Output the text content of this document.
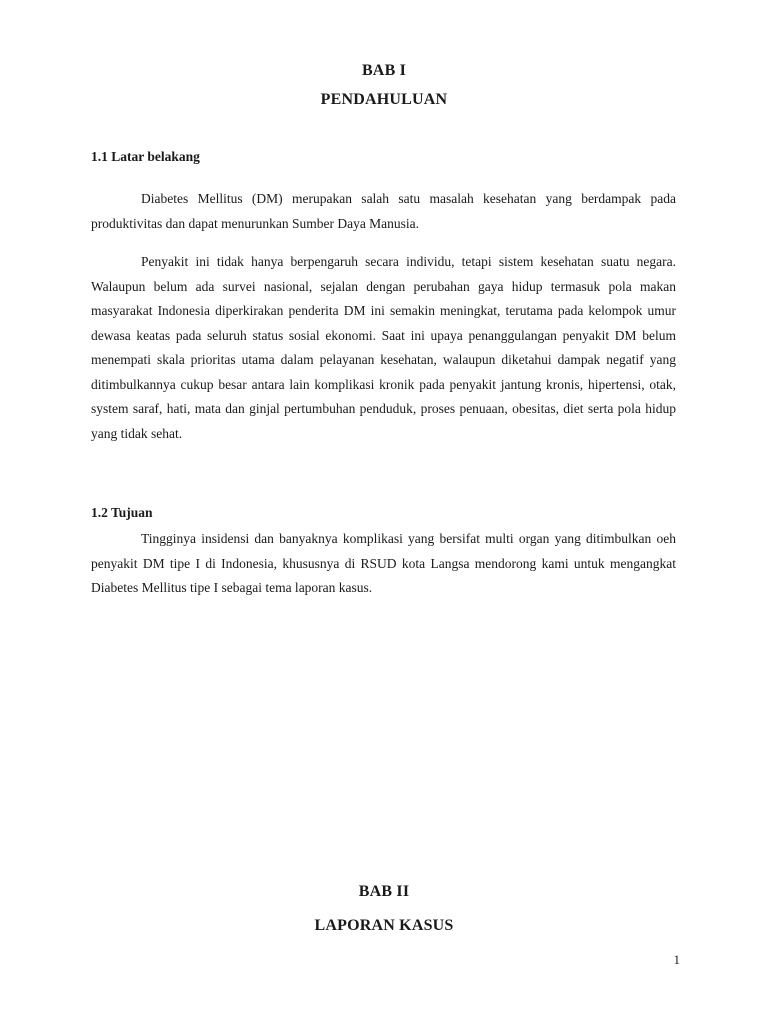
BAB I
PENDAHULUAN
1.1 Latar belakang

Diabetes Mellitus (DM) merupakan salah satu masalah kesehatan yang berdampak pada produktivitas dan dapat menurunkan Sumber Daya Manusia.

Penyakit ini tidak hanya berpengaruh secara individu, tetapi sistem kesehatan suatu negara. Walaupun belum ada survei nasional, sejalan dengan perubahan gaya hidup termasuk pola makan masyarakat Indonesia diperkirakan penderita DM ini semakin meningkat, terutama pada kelompok umur dewasa keatas pada seluruh status sosial ekonomi. Saat ini upaya penanggulangan penyakit DM belum menempati skala prioritas utama dalam pelayanan kesehatan, walaupun diketahui dampak negatif yang ditimbulkannya cukup besar antara lain komplikasi kronik pada penyakit jantung kronis, hipertensi, otak, system saraf, hati, mata dan ginjal pertumbuhan penduduk, proses penuaan, obesitas, diet serta pola hidup yang tidak sehat.

1.2 Tujuan

Tingginya insidensi dan banyaknya komplikasi yang bersifat multi organ yang ditimbulkan oeh penyakit DM tipe I di Indonesia, khususnya di RSUD kota Langsa mendorong kami untuk mengangkat Diabetes Mellitus tipe I sebagai tema laporan kasus.

BAB II
LAPORAN KASUS
1
